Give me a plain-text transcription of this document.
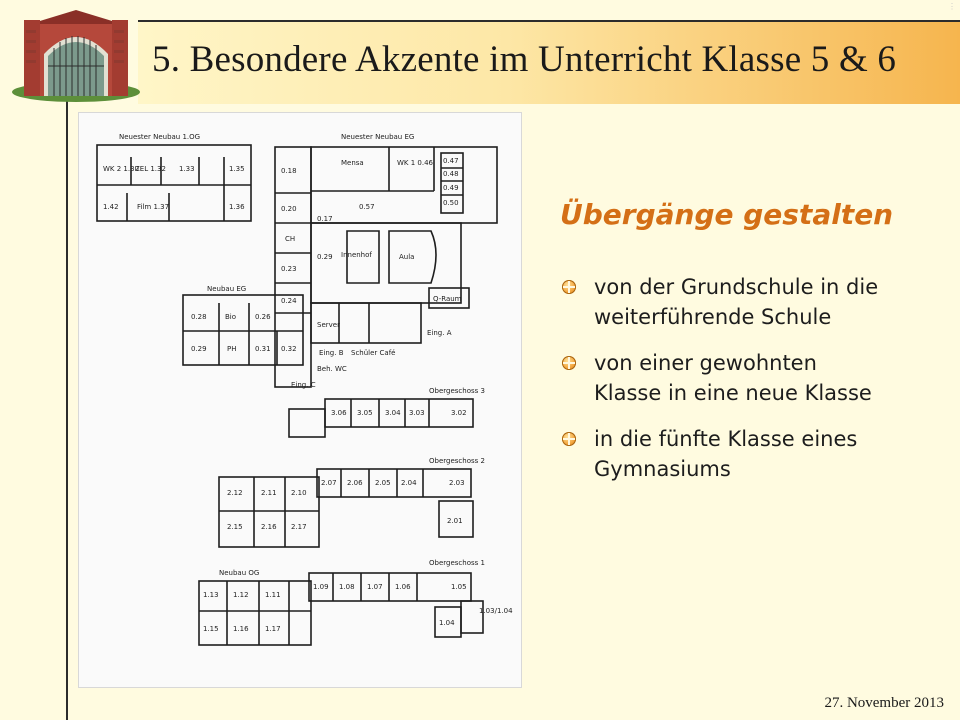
5. Besondere Akzente im Unterricht Klasse 5 & 6
⋮
Neuester Neubau 1.OG	Neuester Neubau EG
Neubau EG
Obergeschoss 3
Obergeschoss 2
Obergeschoss 1
Neubau OG
WK 2 1.30
ZEL 1.32 1.33	1.35
1.42	Film 1.37	1.36
0.18
Mensa	WK 1 0.46 0.47
0.48
0.49
0.50
0.20
0.17
0.57
CH
0.29 Innenhof	Aula
0.23
0.24	Q-Raum
0.28	Bio	0.26
0.29	PH	0.31 0.32
Eing. A
Eing. B Schüler Café
Eing. C
Beh. WC
Server
3.06 3.05 3.04 3.03	3.02
2.12	2.11 2.10
2.15	2.16 2.17
2.07 2.06 2.05 2.04	2.03
2.01
1.13 1.12 1.11
1.15 1.16 1.17
1.09 1.08 1.07 1.06	1.05
1.03/1.04
1.04
Übergänge gestalten
von der Grundschule in die weiterführende Schule
von einer gewohnten Klasse in eine neue Klasse
in die fünfte Klasse eines Gymnasiums
27. November 2013
